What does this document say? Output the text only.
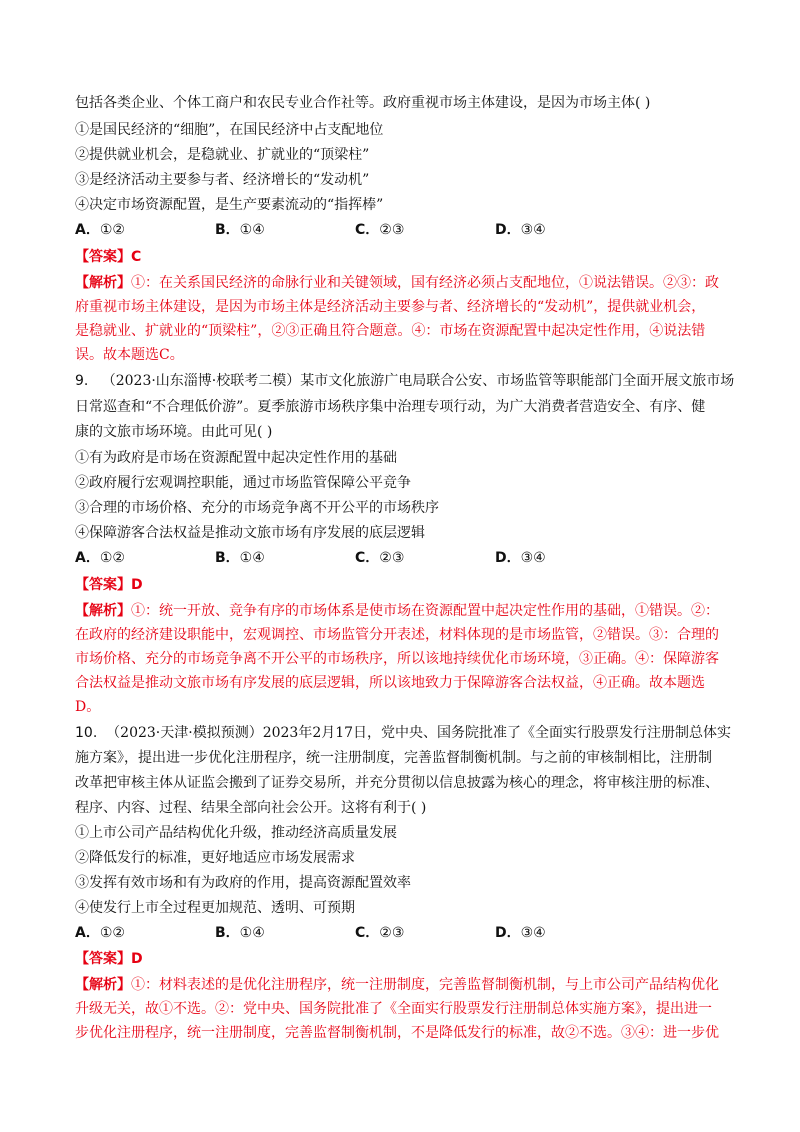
包括各类企业、个体工商户和农民专业合作社等。政府重视市场主体建设，是因为市场主体( )
①是国民经济的“细胞”，在国民经济中占支配地位
②提供就业机会，是稳就业、扩就业的“顶梁柱”
③是经济活动主要参与者、经济增长的“发动机”
④决定市场资源配置，是生产要素流动的“指挥棒”
A．①②	B．①④	C．②③	D．③④
【答案】C
【解析】①：在关系国民经济的命脉行业和关键领域，国有经济必须占支配地位，①说法错误。②③：政
府重视市场主体建设，是因为市场主体是经济活动主要参与者、经济增长的“发动机”，提供就业机会，
是稳就业、扩就业的“顶梁柱”，②③正确且符合题意。④：市场在资源配置中起决定性作用，④说法错
误。故本题选C。
9. （2023·山东淄博·校联考二模）某市文化旅游广电局联合公安、市场监管等职能部门全面开展文旅市场
日常巡查和“不合理低价游”。夏季旅游市场秩序集中治理专项行动，为广大消费者营造安全、有序、健
康的文旅市场环境。由此可见( )
①有为政府是市场在资源配置中起决定性作用的基础
②政府履行宏观调控职能，通过市场监管保障公平竞争
③合理的市场价格、充分的市场竞争离不开公平的市场秩序
④保障游客合法权益是推动文旅市场有序发展的底层逻辑
A．①②	B．①④	C．②③	D．③④
【答案】D
【解析】①：统一开放、竞争有序的市场体系是使市场在资源配置中起决定性作用的基础，①错误。②：
在政府的经济建设职能中，宏观调控、市场监管分开表述，材料体现的是市场监管，②错误。③：合理的
市场价格、充分的市场竞争离不开公平的市场秩序，所以该地持续优化市场环境，③正确。④：保障游客
合法权益是推动文旅市场有序发展的底层逻辑，所以该地致力于保障游客合法权益，④正确。故本题选
D。
10. （2023·天津·模拟预测）2023年2月17日，党中央、国务院批准了《全面实行股票发行注册制总体实
施方案》，提出进一步优化注册程序，统一注册制度，完善监督制衡机制。与之前的审核制相比，注册制
改革把审核主体从证监会搬到了证券交易所，并充分贯彻以信息披露为核心的理念，将审核注册的标准、
程序、内容、过程、结果全部向社会公开。这将有利于( )
①上市公司产品结构优化升级，推动经济高质量发展
②降低发行的标准，更好地适应市场发展需求
③发挥有效市场和有为政府的作用，提高资源配置效率
④使发行上市全过程更加规范、透明、可预期
A．①②	B．①④	C．②③	D．③④
【答案】D
【解析】①：材料表述的是优化注册程序，统一注册制度，完善监督制衡机制，与上市公司产品结构优化
升级无关，故①不选。②：党中央、国务院批准了《全面实行股票发行注册制总体实施方案》，提出进一
步优化注册程序，统一注册制度，完善监督制衡机制，不是降低发行的标准，故②不选。③④：进一步优
